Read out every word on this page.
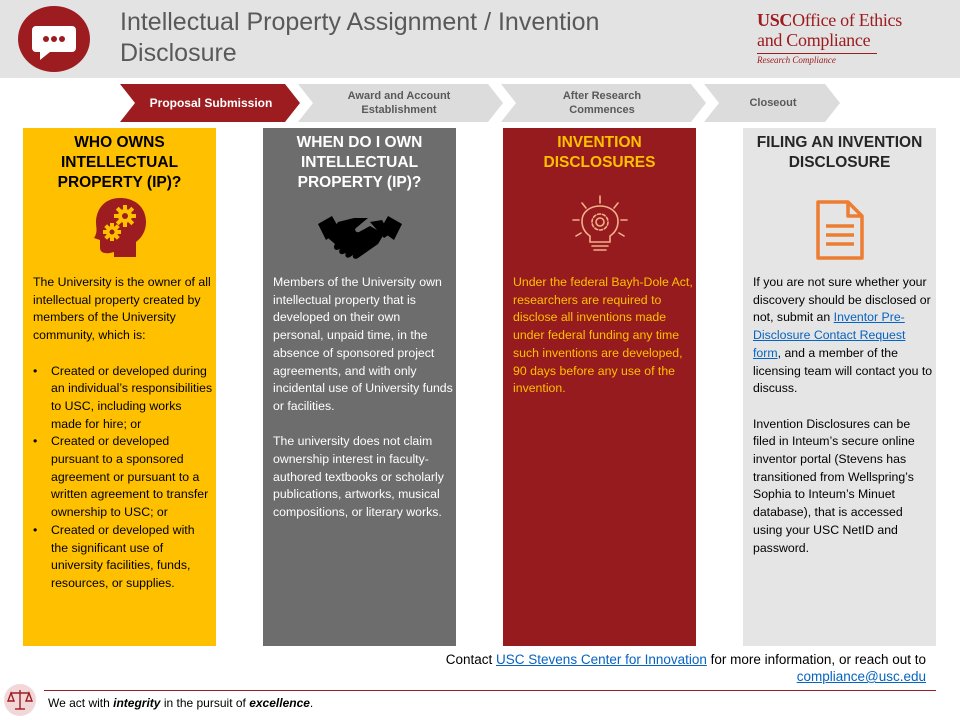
Intellectual Property Assignment / Invention Disclosure
USCOffice of Ethics
and Compliance
Research Compliance
Proposal Submission	Award and Account
Establishment
After Research
Commences
Closeout
WHO OWNS
INTELLECTUAL
PROPERTY (IP)?
The University is the owner of all intellectual property created by members of the University community, which is:
• Created or developed during an individual’s responsibilities to USC, including works made for hire; or
• Created or developed pursuant to a sponsored agreement or pursuant to a written agreement to transfer ownership to USC; or
• Created or developed with the significant use of university facilities, funds, resources, or supplies.
WHEN DO I OWN
INTELLECTUAL
PROPERTY (IP)?
Members of the University own intellectual property that is developed on their own personal, unpaid time, in the absence of sponsored project agreements, and with only incidental use of University funds or facilities.
The university does not claim ownership interest in faculty-authored textbooks or scholarly publications, artworks, musical compositions, or literary works.
INVENTION
DISCLOSURES
Under the federal Bayh-Dole Act, researchers are required to disclose all inventions made under federal funding any time such inventions are developed, 90 days before any use of the invention.
FILING AN INVENTION
DISCLOSURE
If you are not sure whether your discovery should be disclosed or not, submit an Inventor Pre-Disclosure Contact Request form, and a member of the licensing team will contact you to discuss.
Invention Disclosures can be filed in Inteum’s secure online inventor portal (Stevens has transitioned from Wellspring’s Sophia to Inteum’s Minuet database), that is accessed using your USC NetID and password.
Contact USC Stevens Center for Innovation for more information, or reach out to
compliance@usc.edu
We act with integrity in the pursuit of excellence.
